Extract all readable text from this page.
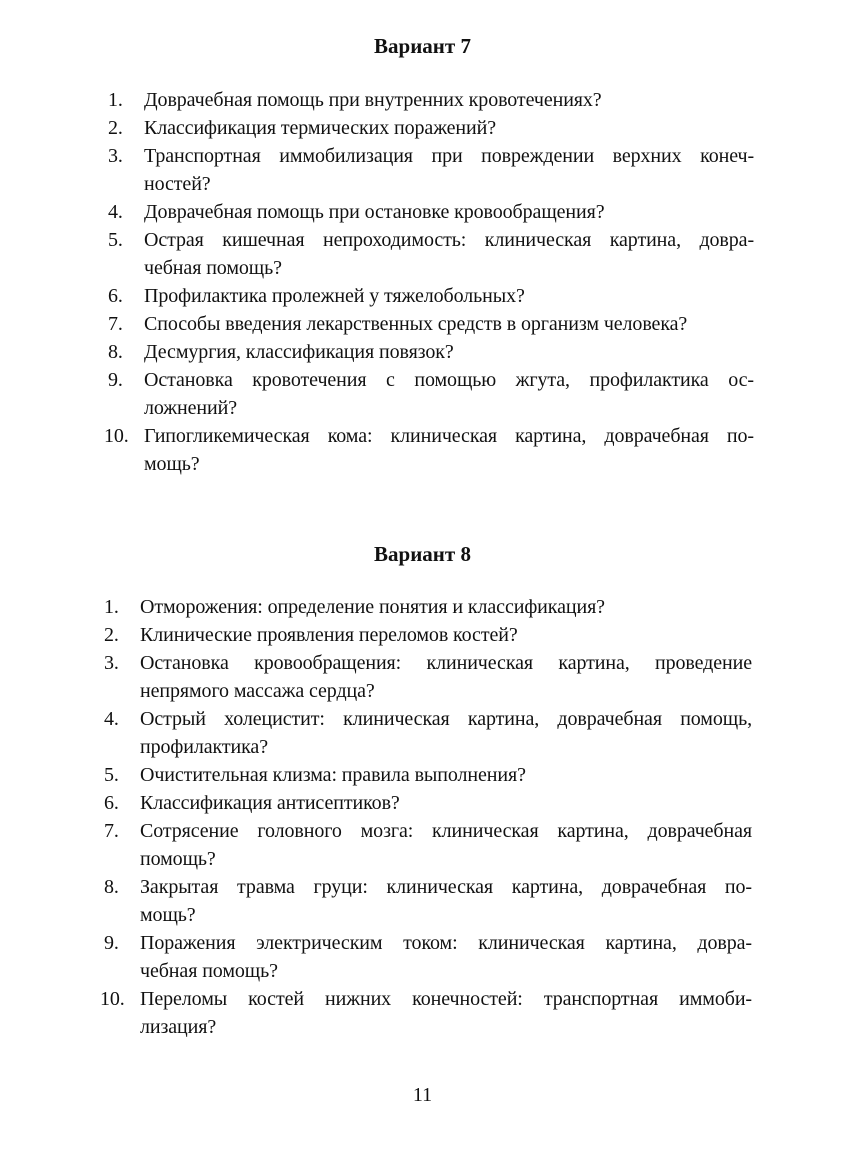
Вариант 7
1.	Доврачебная помощь при внутренних кровотечениях?
2.	Классификация термических поражений?
3.	Транспортная иммобилизация при повреждении верхних конеч-
ностей?
4.	Доврачебная помощь при остановке кровообращения?
5.	Острая кишечная непроходимость: клиническая картина, довра-
чебная помощь?
6.	Профилактика пролежней у тяжелобольных?
7.	Способы введения лекарственных средств в организм человека?
8.	Десмургия, классификация повязок?
9.	Остановка кровотечения с помощью жгута, профилактика ос-
ложнений?
10. Гипогликемическая кома: клиническая картина, доврачебная по-
мощь?
Вариант 8
1.	Отморожения: определение понятия и классификация?
2.	Клинические проявления переломов костей?
3.	Остановка кровообращения: клиническая картина, проведение
непрямого массажа сердца?
4.	Острый холецистит: клиническая картина, доврачебная помощь,
профилактика?
5.	Очистительная клизма: правила выполнения?
6.	Классификация антисептиков?
7.	Сотрясение головного мозга: клиническая картина, доврачебная
помощь?
8.	Закрытая травма груци: клиническая картина, доврачебная по-
мощь?
9.	Поражения электрическим током: клиническая картина, довра-
чебная помощь?
10. Переломы костей нижних конечностей: транспортная иммоби-
лизация?
11
